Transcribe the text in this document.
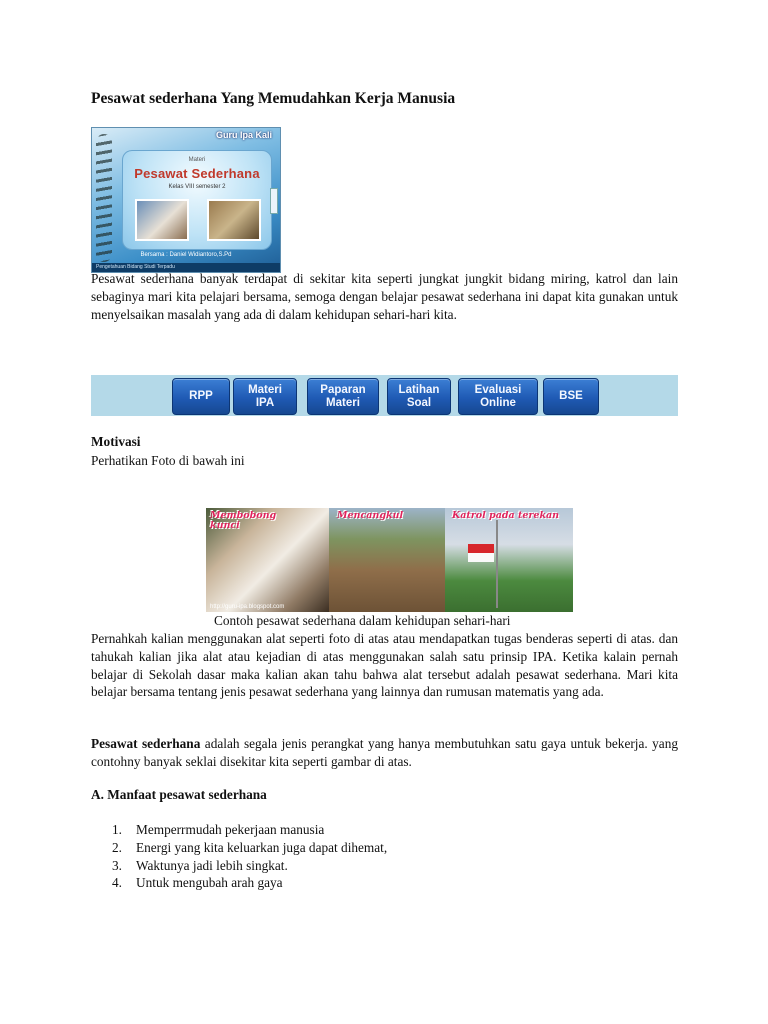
Pesawat sederhana Yang Memudahkan Kerja Manusia
Guru Ipa Kali
Materi
Pesawat Sederhana
Kelas VIII semester 2
Bersama : Daniel Widiantoro,S.Pd
Pengetahuan Bidang Studi Terpadu

Pesawat sederhana banyak terdapat di sekitar kita seperti jungkat jungkit bidang miring, katrol dan lain sebaginya mari kita pelajari bersama, semoga dengan belajar pesawat sederhana ini dapat kita gunakan untuk menyelsaikan masalah yang ada di dalam kehidupan sehari-hari kita.

RPP
Materi
IPA
Paparan
Materi
Latihan
Soal
Evaluasi
Online
BSE
Motivasi

Perhatikan Foto di bawah ini

Membobong
kunci
Mencangkul	Katrol pada terekan
http://guru-ipa.blogspot.com

Contoh pesawat sederhana dalam kehidupan sehari-hari

Pernahkah kalian menggunakan alat seperti foto di atas atau mendapatkan tugas benderas seperti di atas. dan tahukah kalian jika alat atau kejadian di atas menggunakan salah satu prinsip IPA. Ketika kalain pernah belajar di Sekolah dasar maka kalian akan tahu bahwa alat tersebut adalah pesawat sederhana. Mari kita belajar bersama tentang jenis pesawat sederhana yang lainnya dan rumusan matematis yang ada.

Pesawat sederhana adalah segala jenis perangkat yang hanya membutuhkan satu gaya untuk bekerja. yang contohny banyak seklai disekitar kita seperti gambar di atas.

A. Manfaat pesawat sederhana
1. Memperrmudah pekerjaan manusia
2. Energi yang kita keluarkan juga dapat dihemat,
3. Waktunya jadi lebih singkat.
4. Untuk mengubah arah gaya
